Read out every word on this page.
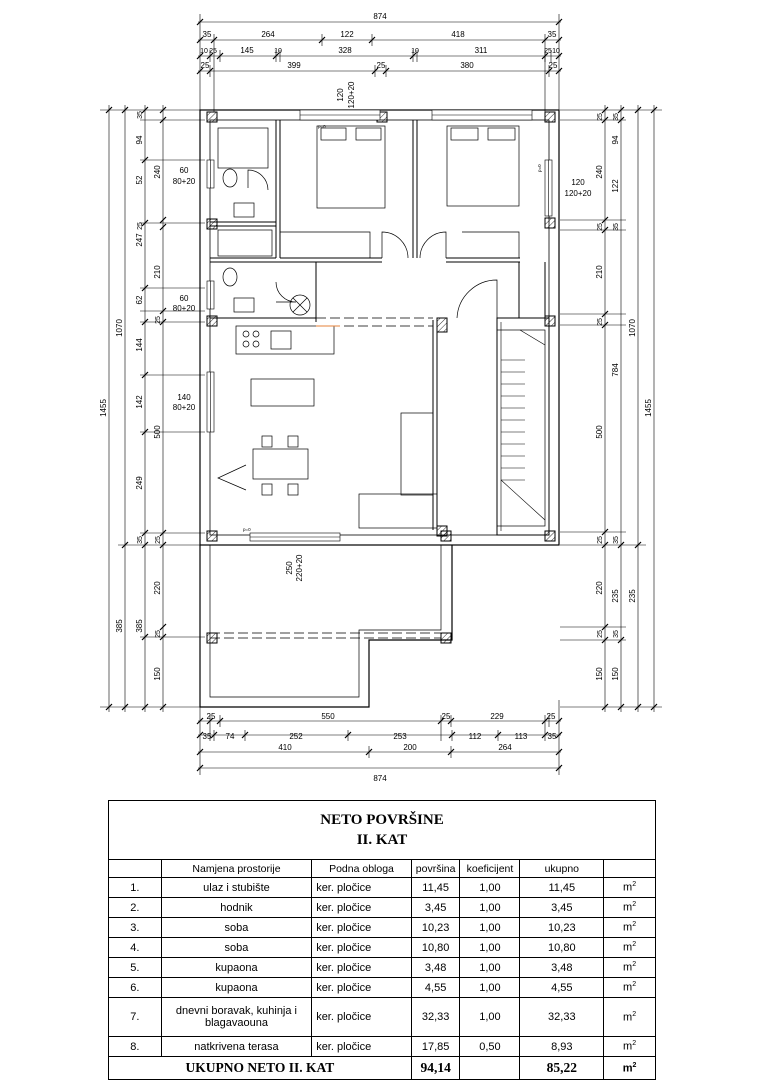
874
35	264	122	418	35
10 25	145	10	328	10	311	25 10
25	399	25	380	25
1455
1070
385
35
94
52
25
247
62
144
142
249
35
385
240
210
25
500
25
220
25
150
25
94
122
25
210
25
500
25
220
25
150
240
784
150
35
35
35
35
1070
235 235
1455
25	550	25	229	25
35 74	252	253	112	113	35
410	200	264
874
60
80+20
60
80+20
140
80+20
120
120+20
120 120+20
250 220+20
p=0
p=0
p=0
NETO POVRŠINE
II. KAT						

	Namjena prostorije	Podna obloga	površina	koeficijent	ukupno	
1.	ulaz i stubište	ker. pločice	11,45	1,00	11,45	$m^2$
2.	hodnik	ker. pločice	3,45	1,00	3,45	$m^2$
3.	soba	ker. pločice	10,23	1,00	10,23	$m^2$
4.	soba	ker. pločice	10,80	1,00	10,80	$m^2$
5.	kupaona	ker. pločice	3,48	1,00	3,48	$m^2$
6.	kupaona	ker. pločice	4,55	1,00	4,55	$m^2$
7.	dnevni boravak, kuhinja i blagavaouna	ker. pločice	32,33	1,00	32,33	$m^2$
8.	natkrivena terasa	ker. pločice	17,85	0,50	8,93	$m^2$
UKUPNO NETO II. KAT			94,14		85,22	$m^2$
